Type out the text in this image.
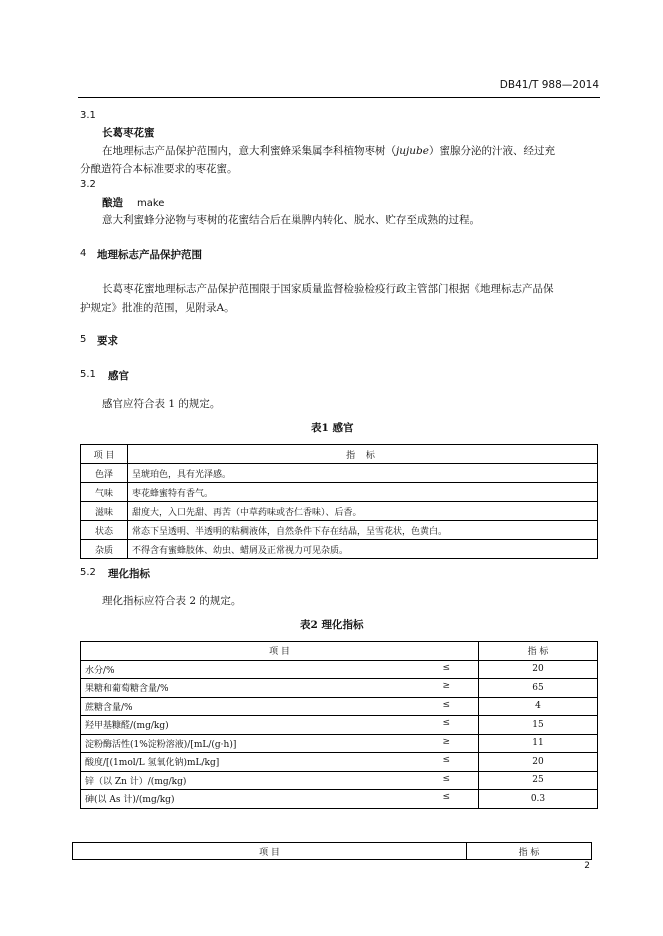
DB41/T 988—2014
3.1
长葛枣花蜜
在地理标志产品保护范围内，意大利蜜蜂采集属李科植物枣树（jujube）蜜腺分泌的汁液、经过充
分酿造符合本标准要求的枣花蜜。
3.2
酿造 make
意大利蜜蜂分泌物与枣树的花蜜结合后在巢脾内转化、脱水、贮存至成熟的过程。
4 地理标志产品保护范围
长葛枣花蜜地理标志产品保护范围限于国家质量监督检验检疫行政主管部门根据《地理标志产品保
护规定》批准的范围，见附录A。
5 要求
5.1 感官
感官应符合表 1 的规定。
表1 感官
项 目	指 标
色泽	呈琥珀色，具有光泽感。
气味	枣花蜂蜜特有香气。
滋味	甜度大，入口先甜、再苦（中草药味或杏仁香味）、后香。
状态	常态下呈透明、半透明的粘稠液体，自然条件下存在结晶，呈雪花状，色黄白。
杂质	不得含有蜜蜂肢体、幼虫、蜡屑及正常视力可见杂质。
5.2 理化指标
理化指标应符合表 2 的规定。
表2 理化指标
项 目	指 标
水分/% ≤	20
果糖和葡萄糖含量/% ≥	65
蔗糖含量/% ≤	4
羟甲基糠醛/(mg/kg) ≤	15
淀粉酶活性(1%淀粉溶液)/[mL/(g·h)] ≥	11
酸度/[(1mol/L 氢氧化钠)mL/kg] ≤	20
锌（以 Zn 计）/(mg/kg) ≤	25
砷(以 As 计)/(mg/kg) ≤	0.3
项 目	指 标
2
